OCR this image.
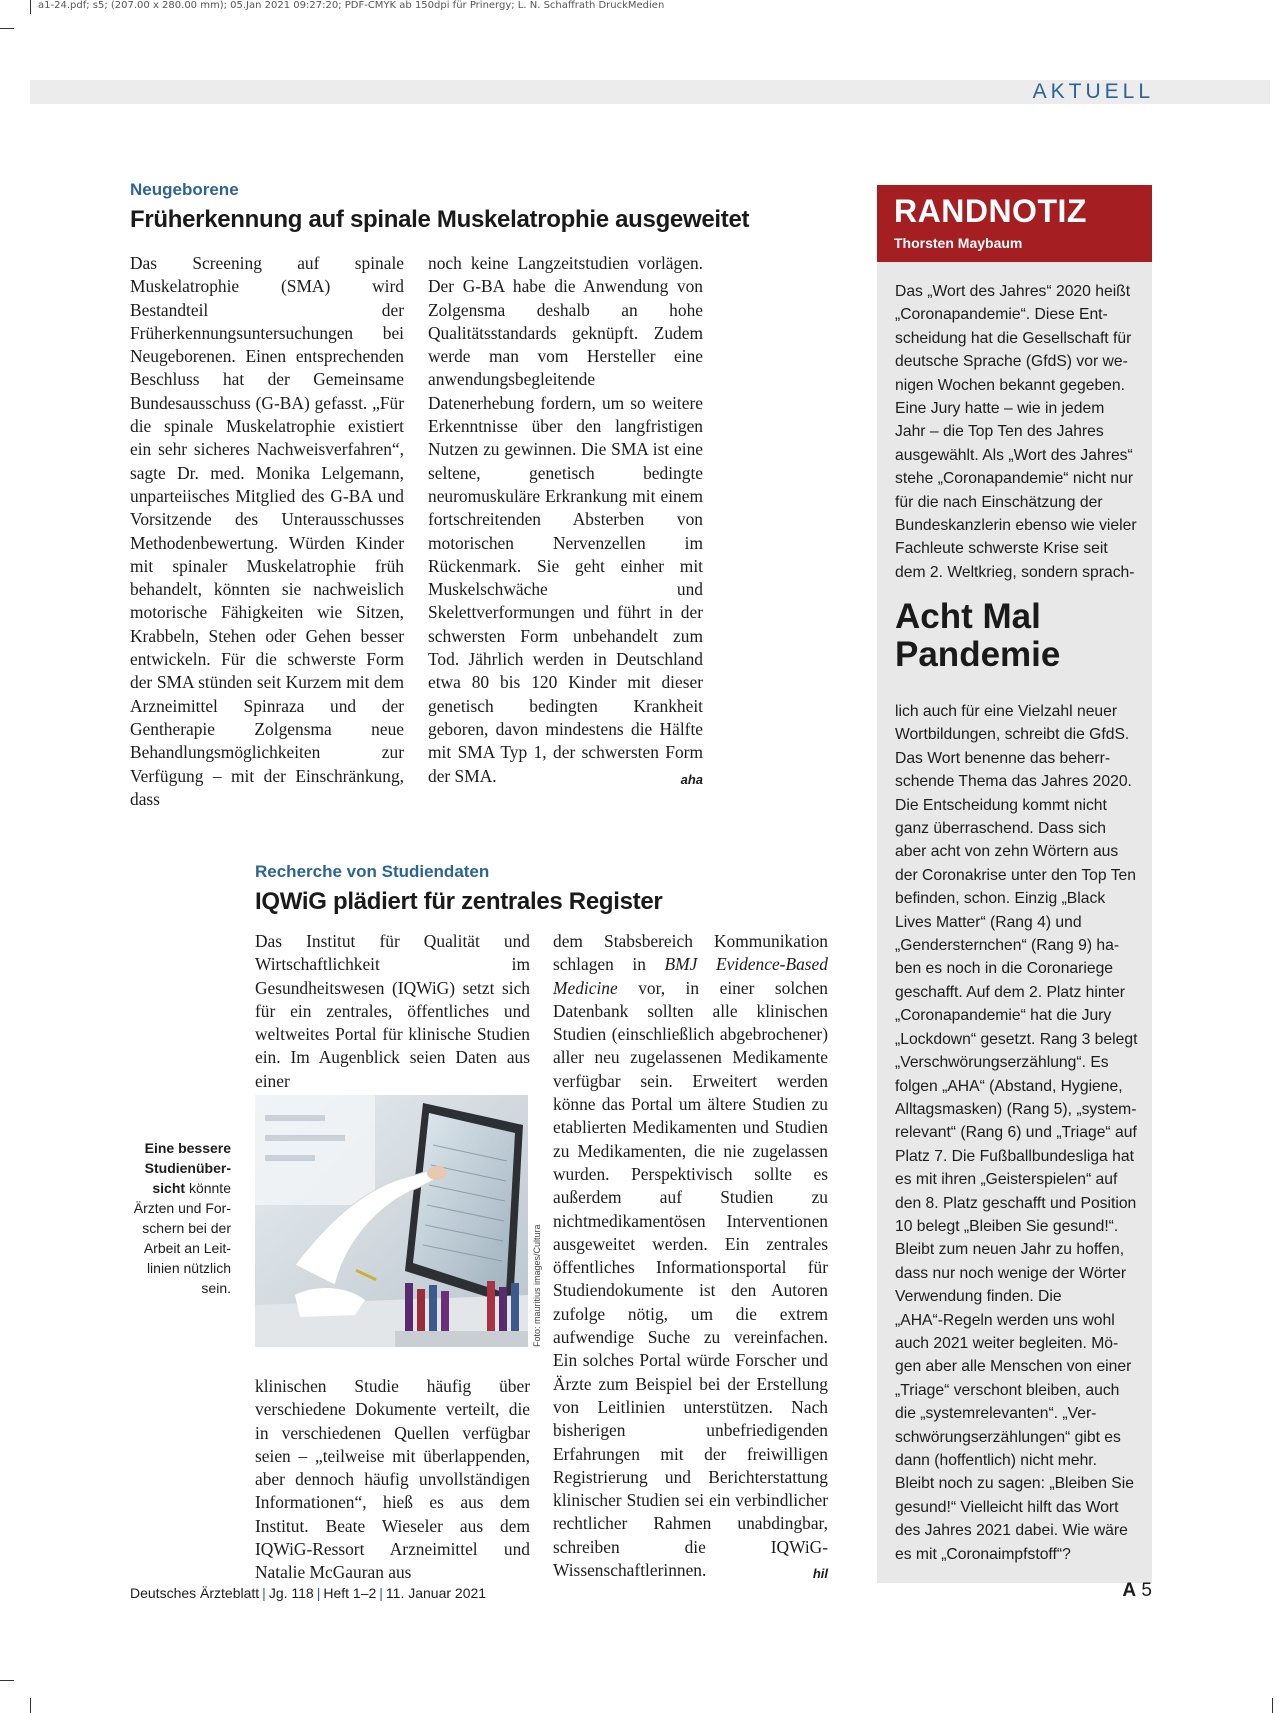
a1-24.pdf; s5; (207.00 x 280.00 mm); 05.Jan 2021 09:27:20; PDF-CMYK ab 150dpi für Prinergy; L. N. Schaffrath DruckMedien
AKTUELL
Neugeborene
Früherkennung auf spinale Muskelatrophie ausgeweitet

Das Screening auf spinale Muskelatrophie (SMA) wird Bestandteil der Früherkennungsuntersuchungen bei Neugeborenen. Einen entsprechenden Beschluss hat der Gemeinsame Bundesausschuss (G-BA) gefasst. „Für die spinale Muskelatrophie existiert ein sehr sicheres Nachweisverfahren“, sagte Dr. med. Monika Lelgemann, unparteiisches Mitglied des G-BA und Vorsitzende des Unterausschusses Methodenbewertung. Würden Kinder mit spinaler Muskelatrophie früh behandelt, könnten sie nachweislich motorische Fähigkeiten wie Sitzen, Krabbeln, Stehen oder Gehen besser entwickeln. Für die schwerste Form der SMA stünden seit Kurzem mit dem Arzneimittel Spinraza und der Gentherapie Zolgensma neue Behandlungsmöglichkeiten zur Verfügung – mit der Einschränkung, dass

noch keine Langzeitstudien vorlägen. Der G-BA habe die Anwendung von Zolgensma deshalb an hohe Qualitätsstandards geknüpft. Zudem werde man vom Hersteller eine anwendungsbegleitende Datenerhebung fordern, um so weitere Erkenntnisse über den langfristigen Nutzen zu gewinnen. Die SMA ist eine seltene, genetisch bedingte neuromuskuläre Erkrankung mit einem fortschreitenden Absterben von motorischen Nervenzellen im Rückenmark. Sie geht einher mit Muskelschwäche und Skelettverformungen und führt in der schwersten Form unbehandelt zum Tod. Jährlich werden in Deutschland etwa 80 bis 120 Kinder mit dieser genetisch bedingten Krankheit geboren, davon mindestens die Hälfte mit SMA Typ 1, der schwersten Form der SMA.	aha

Recherche von Studiendaten
IQWiG plädiert für zentrales Register

Das Institut für Qualität und Wirtschaftlichkeit im Gesundheitswesen (IQWiG) setzt sich für ein zentrales, öffentliches und weltweites Portal für klinische Studien ein. Im Augenblick seien Daten aus einer

Eine bessere
Studienüber-
sicht könnte
Ärzten und For-
schern bei der
Arbeit an Leit-
linien nützlich
sein.	Foto: mauritius images/Cultura

klinischen Studie häufig über verschiedene Dokumente verteilt, die in verschiedenen Quellen verfügbar seien – „teilweise mit überlappenden, aber dennoch häufig unvollständigen Informationen“, hieß es aus dem Institut. Beate Wieseler aus dem IQWiG-Ressort Arzneimittel und Natalie McGauran aus

dem Stabsbereich Kommunikation schlagen in BMJ Evidence-Based Medicine vor, in einer solchen Datenbank sollten alle klinischen Studien (einschließlich abgebrochener) aller neu zugelassenen Medikamente verfügbar sein. Erweitert werden könne das Portal um ältere Studien zu etablierten Medikamenten und Studien zu Medikamenten, die nie zugelassen wurden. Perspektivisch sollte es außerdem auf Studien zu nichtmedikamentösen Interventionen ausgeweitet werden. Ein zentrales öffentliches Informationsportal für Studiendokumente ist den Autoren zufolge nötig, um die extrem aufwendige Suche zu vereinfachen. Ein solches Portal würde Forscher und Ärzte zum Beispiel bei der Erstellung von Leitlinien unterstützen. Nach bisherigen unbefriedigenden Erfahrungen mit der freiwilligen Registrierung und Berichterstattung klinischer Studien sei ein verbindlicher rechtlicher Rahmen unabdingbar, schreiben die IQWiG-Wissenschaftlerinnen.	hil

RANDNOTIZ
Thorsten Maybaum
Das „Wort des Jahres“ 2020 heißt
„Coronapandemie“. Diese Ent-
scheidung hat die Gesellschaft für
deutsche Sprache (GfdS) vor we-
nigen Wochen bekannt gegeben.
Eine Jury hatte – wie in jedem
Jahr – die Top Ten des Jahres
ausgewählt. Als „Wort des Jahres“
stehe „Coronapandemie“ nicht nur
für die nach Einschätzung der
Bundeskanzlerin ebenso wie vieler
Fachleute schwerste Krise seit
dem 2. Weltkrieg, sondern sprach-
Acht Mal
Pandemie
lich auch für eine Vielzahl neuer
Wortbildungen, schreibt die GfdS.
Das Wort benenne das beherr-
schende Thema das Jahres 2020.
Die Entscheidung kommt nicht
ganz überraschend. Dass sich
aber acht von zehn Wörtern aus
der Coronakrise unter den Top Ten
befinden, schon. Einzig „Black
Lives Matter“ (Rang 4) und
„Gendersternchen“ (Rang 9) ha-
ben es noch in die Coronariege
geschafft. Auf dem 2. Platz hinter
„Coronapandemie“ hat die Jury
„Lockdown“ gesetzt. Rang 3 belegt
„Verschwörungserzählung“. Es
folgen „AHA“ (Abstand, Hygiene,
Alltagsmasken) (Rang 5), „system-
relevant“ (Rang 6) und „Triage“ auf
Platz 7. Die Fußballbundesliga hat
es mit ihren „Geisterspielen“ auf
den 8. Platz geschafft und Position
10 belegt „Bleiben Sie gesund!“.
Bleibt zum neuen Jahr zu hoffen,
dass nur noch wenige der Wörter
Verwendung finden. Die
„AHA“-Regeln werden uns wohl
auch 2021 weiter begleiten. Mö-
gen aber alle Menschen von einer
„Triage“ verschont bleiben, auch
die „systemrelevanten“. „Ver-
schwörungserzählungen“ gibt es
dann (hoffentlich) nicht mehr.
Bleibt noch zu sagen: „Bleiben Sie
gesund!“ Vielleicht hilft das Wort
des Jahres 2021 dabei. Wie wäre
es mit „Coronaimpfstoff“?
Deutsches Ärzteblatt | Jg. 118 | Heft 1–2 | 11. Januar 2021	A 5
